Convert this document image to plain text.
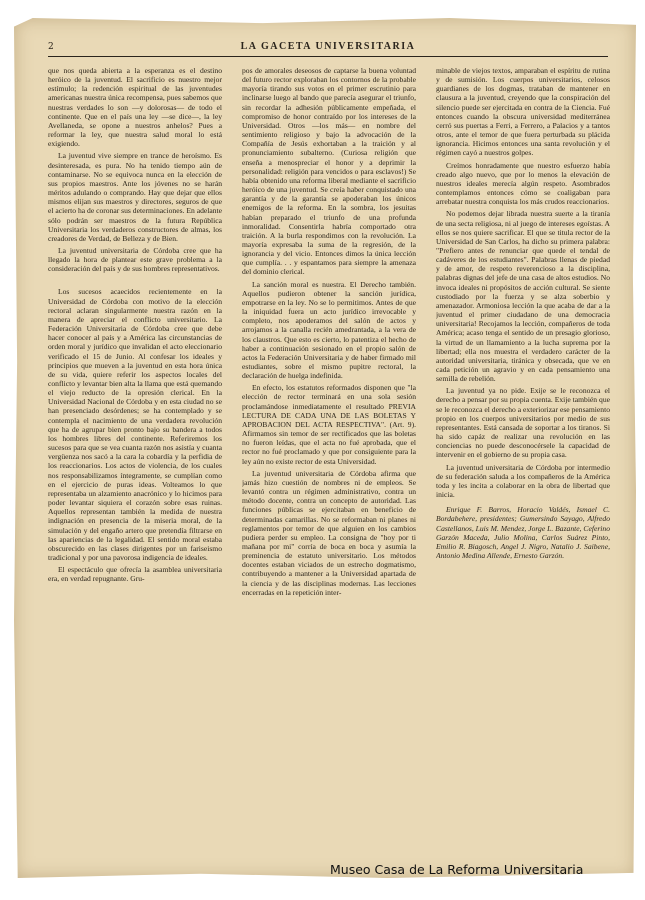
2	LA GACETA UNIVERSITARIA

que nos queda abierta a la esperanza es el destino heróico de la juventud. El sacrificio es nuestro mejor estímulo; la redención espiritual de las juventudes americanas nuestra única recompensa, pues sabemos que nuestras verdades lo son —y dolorosas— de todo el continente. Que en el país una ley —se dice—, la ley Avellaneda, se opone a nuestros anhelos? Pues a reformar la ley, que nuestra salud moral lo está exigiendo.

La juventud vive siempre en trance de heroísmo. Es desinteresada, es pura. No ha tenido tiempo aún de contaminarse. No se equivoca nunca en la elección de sus propios maestros. Ante los jóvenes no se harán méritos adulando o comprando. Hay que dejar que ellos mismos elijan sus maestros y directores, seguros de que el acierto ha de coronar sus determinaciones. En adelante sólo podrán ser maestros de la futura República Universitaria los verdaderos constructores de almas, los creadores de Verdad, de Belleza y de Bien.

La juventud universitaria de Córdoba cree que ha llegado la hora de plantear este grave problema a la consideración del país y de sus hombres representativos.

Los sucesos acaecidos recientemente en la Universidad de Córdoba con motivo de la elección rectoral aclaran singularmente nuestra razón en la manera de apreciar el conflicto universitario. La Federación Universitaria de Córdoba cree que debe hacer conocer al país y a América las circunstancias de orden moral y jurídico que invalidan el acto eleccionario verificado el 15 de Junio. Al confesar los ideales y principios que mueven a la juventud en esta hora única de su vida, quiere referir los aspectos locales del conflicto y levantar bien alta la llama que está quemando el viejo reducto de la opresión clerical. En la Universidad Nacional de Córdoba y en esta ciudad no se han presenciado desórdenes; se ha contemplado y se contempla el nacimiento de una verdadera revolución que ha de agrupar bien pronto bajo su bandera a todos los hombres libres del continente. Referiremos los sucesos para que se vea cuanta razón nos asistía y cuanta vergüenza nos sacó a la cara la cobardía y la perfidia de los reaccionarios. Los actos de violencia, de los cuales nos responsabilizamos íntegramente, se cumplían como en el ejercicio de puras ideas. Volteamos lo que representaba un alzamiento anacrónico y lo hicimos para poder levantar siquiera el corazón sobre esas ruinas. Aquellos representan también la medida de nuestra indignación en presencia de la miseria moral, de la simulación y del engaño artero que pretendía filtrarse en las apariencias de la legalidad. El sentido moral estaba obscurecido en las clases dirigentes por un fariseismo tradicional y por una pavorosa indigencia de ideales.

El espectáculo que ofrecía la asamblea universitaria era, en verdad repugnante. Gru-

pos de amorales deseosos de captarse la buena voluntad del futuro rector exploraban los contornos de la probable mayoría tirando sus votos en el primer escrutinio para inclinarse luego al bando que parecía asegurar el triunfo, sin recordar la adhesión públicamente empeñada, el compromiso de honor contraído por los intereses de la Universidad. Otros —los más— en nombre del sentimiento religioso y bajo la advocación de la Compañía de Jesús exhortaban a la traición y al pronunciamiento subalterno. (Curiosa religión que enseña a menospreciar el honor y a deprimir la personalidad: religión para vencidos o para esclavos!) Se había obtenido una reforma liberal mediante el sacrificio heróico de una juventud. Se creía haber conquistado una garantía y de la garantía se apoderaban los únicos enemigos de la reforma. En la sombra, los jesuitas habían preparado el triunfo de una profunda inmoralidad. Consentirla habría comportado otra traición. A la burla respondimos con la revolución. La mayoría expresaba la suma de la regresión, de la ignorancia y del vicio. Entonces dimos la única lección que cumplía. . . y espantamos para siempre la amenaza del dominio clerical.

La sanción moral es nuestra. El Derecho también. Aquellos pudieron obtener la sanción jurídica, empotrarse en la ley. No se lo permitimos. Antes de que la iniquidad fuera un acto jurídico irrevocable y completo, nos apoderamos del salón de actos y arrojamos a la canalla recién amedrantada, a la vera de los claustros. Que esto es cierto, lo patentiza el hecho de haber a continuación sesionado en el propio salón de actos la Federación Universitaria y de haber firmado mil estudiantes, sobre el mismo pupitre rectoral, la declaración de huelga indefinida.

En efecto, los estatutos reformados disponen que "la elección de rector terminará en una sola sesión proclamándose inmediatamente el resultado PREVIA LECTURA DE CADA UNA DE LAS BOLETAS Y APROBACION DEL ACTA RESPECTIVA". (Art. 9). Afirmamos sin temor de ser rectificados que las boletas no fueron leídas, que el acta no fué aprobada, que el rector no fué proclamado y que por consiguiente para la ley aún no existe rector de esta Universidad.

La juventud universitaria de Córdoba afirma que jamás hizo cuestión de nombres ni de empleos. Se levantó contra un régimen administrativo, contra un método docente, contra un concepto de autoridad. Las funciones públicas se ejercitaban en beneficio de determinadas camarillas. No se reformaban ni planes ni reglamentos por temor de que alguien en los cambios pudiera perder su empleo. La consigna de "hoy por ti mañana por mi" corría de boca en boca y asumía la preminencia de estatuto universitario. Los métodos docentes estaban viciados de un estrecho dogmatismo, contribuyendo a mantener a la Universidad apartada de la ciencia y de las disciplinas modernas. Las lecciones encerradas en la repetición inter-

minable de viejos textos, amparaban el espíritu de rutina y de sumisión. Los cuerpos universitarios, celosos guardianes de los dogmas, trataban de mantener en clausura a la juventud, creyendo que la conspiración del silencio puede ser ejercitada en contra de la Ciencia. Fué entonces cuando la obscura universidad mediterránea cerró sus puertas a Ferri, a Ferrero, a Palacios y a tantos otros, ante el temor de que fuera perturbada su plácida ignorancia. Hicimos entonces una santa revolución y el régimen cayó a nuestros golpes.

Creímos honradamente que nuestro esfuerzo había creado algo nuevo, que por lo menos la elevación de nuestros ideales merecía algún respeto. Asombrados contemplamos entonces cómo se coaligaban para arrebatar nuestra conquista los más crudos reaccionarios.

No podemos dejar librada nuestra suerte a la tiranía de una secta religiosa, ni al juego de intereses egoístas. A ellos se nos quiere sacrificar. El que se titula rector de la Universidad de San Carlos, ha dicho su primera palabra: "Prefiero antes de renunciar que quede el tendal de cadáveres de los estudiantes". Palabras llenas de piedad y de amor, de respeto reverencioso a la disciplina, palabras dignas del jefe de una casa de altos estudios. No invoca ideales ni propósitos de acción cultural. Se siente custodiado por la fuerza y se alza soberbio y amenazador. Armoniosa lección la que acaba de dar a la juventud el primer ciudadano de una democracia universitaria! Recojamos la lección, compañeros de toda América; acaso tenga el sentido de un presagio glorioso, la virtud de un llamamiento a la lucha suprema por la libertad; ella nos muestra el verdadero carácter de la autoridad universitaria, tiránica y obsecada, que ve en cada petición un agravio y en cada pensamiento una semilla de rebelión.

La juventud ya no pide. Exije se le reconozca el derecho a pensar por su propia cuenta. Exije también que se le reconozca el derecho a exteriorizar ese pensamiento propio en los cuerpos universitarios por medio de sus representantes. Está cansada de soportar a los tiranos. Si ha sido capáz de realizar una revolución en las conciencias no puede desconocérsele la capacidad de intervenir en el gobierno de su propia casa.

La juventud universitaria de Córdoba por intermedio de su federación saluda a los compañeros de la América toda y les incita a colaborar en la obra de libertad que inicia.

Enrique F. Barros, Horacio Valdés, Ismael C. Bordabehere, presidentes; Gumersindo Sayago, Alfredo Castellanos, Luis M. Mendez, Jorge L. Bazante, Ceferino Garzón Maceda, Julio Molina, Carlos Suárez Pinto, Emilio R. Biagosch, Angel J. Nigro, Natalio J. Saibene, Antonio Medina Allende, Ernesto Garzón.

Museo Casa de La Reforma Universitaria
